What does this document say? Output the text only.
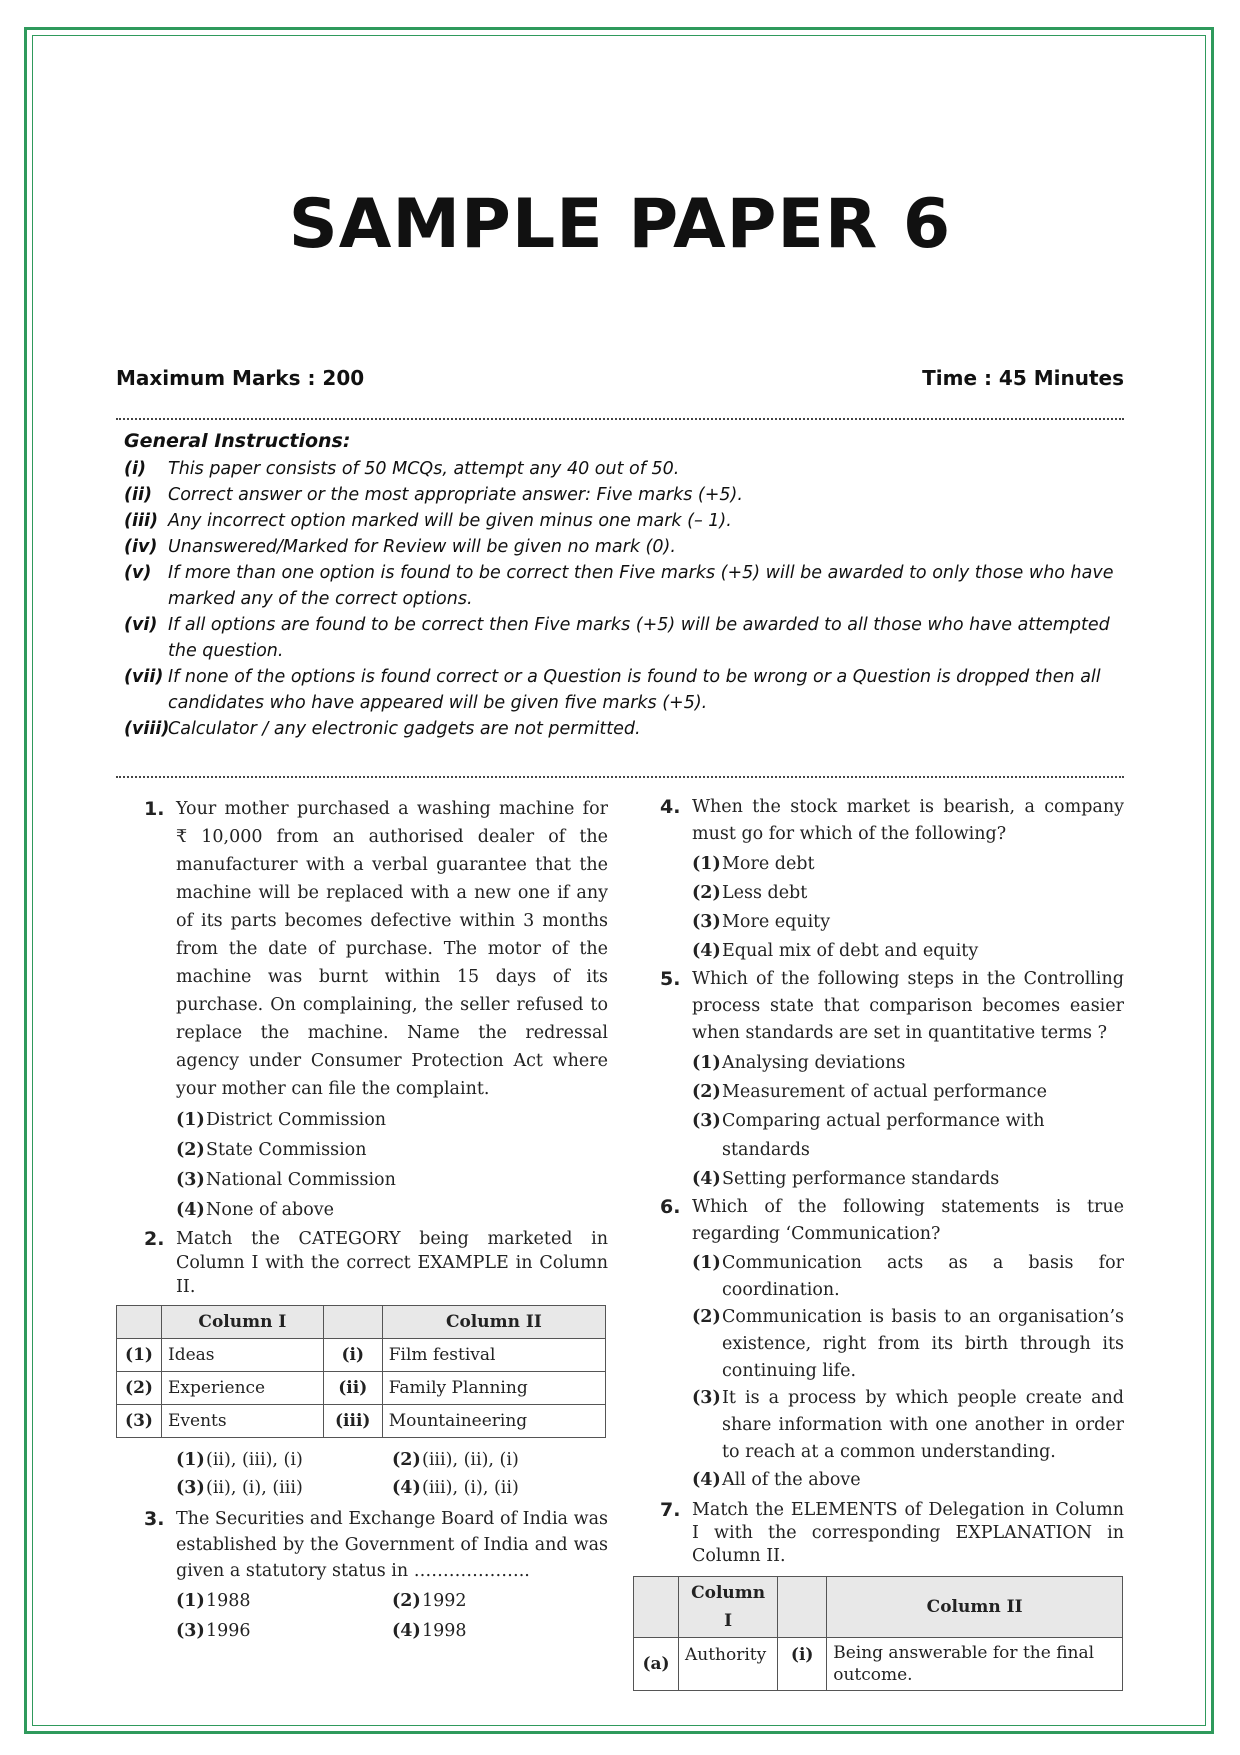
SAMPLE PAPER 6
Maximum Marks : 200	Time : 45 Minutes
General Instructions:
(i)	This paper consists of 50 MCQs, attempt any 40 out of 50.
(ii) Correct answer or the most appropriate answer: Five marks (+5).
(iii) Any incorrect option marked will be given minus one mark (– 1).
(iv) Unanswered/Marked for Review will be given no mark (0).
(v) If more than one option is found to be correct then Five marks (+5) will be awarded to only those who have marked any of the correct options.
(vi) If all options are found to be correct then Five marks (+5) will be awarded to all those who have attempted the question.
(vii) If none of the options is found correct or a Question is found to be wrong or a Question is dropped then all candidates who have appeared will be given five marks (+5).
(viii)
Calculator / any electronic gadgets are not permitted.
1. Your mother purchased a washing machine for ₹ 10,000 from an authorised dealer of the manufacturer with a verbal guarantee that the machine will be replaced with a new one if any of its parts becomes defective within 3 months from the date of purchase. The motor of the machine was burnt within 15 days of its purchase. On complaining, the seller refused to replace the machine. Name the redressal agency under Consumer Protection Act where your mother can file the complaint.
(1) District Commission
(2) State Commission
(3) National Commission
(4) None of above
2. Match the CATEGORY being marketed in Column I with the correct EXAMPLE in Column II.
	Column I		Column II
(1)	Ideas	(i)	Film festival
(2)	Experience	(ii)	Family Planning
(3)	Events	(iii)	Mountaineering
(1) (ii), (iii), (i)	(2) (iii), (ii), (i)
(3) (ii), (i), (iii)	(4) (iii), (i), (ii)
3. The Securities and Exchange Board of India was established by the Government of India and was given a statutory status in ………………..
(1) 1988	(2) 1992
(3) 1996	(4) 1998
4. When the stock market is bearish, a company must go for which of the following?
(1) More debt
(2) Less debt
(3) More equity
(4) Equal mix of debt and equity
5. Which of the following steps in the Controlling process state that comparison becomes easier when standards are set in quantitative terms ?
(1) Analysing deviations
(2) Measurement of actual performance
(3) Comparing actual performance with standards
(4) Setting performance standards
6. Which of the following statements is true regarding ‘Communication?
(1) Communication acts as a basis for coordination.
(2) Communication is basis to an organisation’s existence, right from its birth through its continuing life.
(3) It is a process by which people create and share information with one another in order to reach at a common understanding.
(4) All of the above
7. Match the ELEMENTS of Delegation in Column I with the corresponding EXPLANATION in Column II.
	Column I		Column II
(a)	Authority	(i)	Being answerable for the final outcome.
